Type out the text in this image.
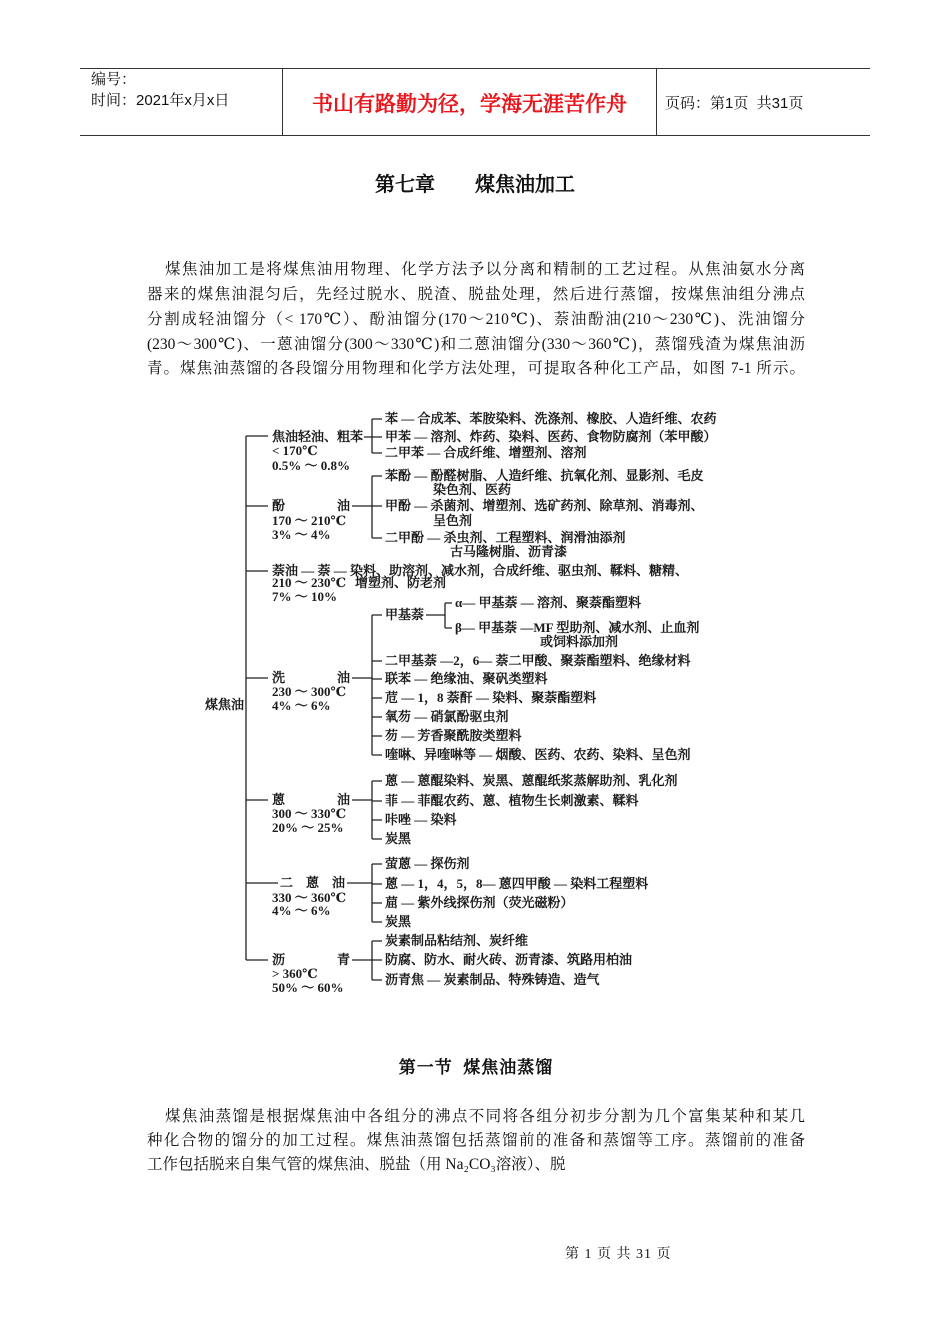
编号：
时间：2021年x月x日	书山有路勤为径，学海无涯苦作舟	页码：第1页  共31页
第七章　　煤焦油加工
煤焦油加工是将煤焦油用物理、化学方法予以分离和精制的工艺过程。从焦油氨水分离
器来的煤焦油混匀后，先经过脱水、脱渣、脱盐处理，然后进行蒸馏，按煤焦油组分沸点
分割成轻油馏分（< 170℃）、酚油馏分(170～210℃)、萘油酚油(210～230℃)、洗油馏分
(230～300℃)、一蒽油馏分(300～330℃)和二蒽油馏分(330～360℃)，蒸馏残渣为煤焦油沥
青。煤焦油蒸馏的各段馏分用物理和化学方法处理，可提取各种化工产品，如图 7-1 所示。
煤焦油
焦油轻油、粗苯
< 170℃
0.5% ～ 0.8%
苯 — 合成苯、苯胺染料、洗涤剂、橡胶、人造纤维、农药
甲苯 — 溶剂、炸药、染料、医药、食物防腐剂（苯甲酸）
二甲苯 — 合成纤维、增塑剂、溶剂
酚　　　　油
170 ～ 210℃
3% ～ 4%
苯酚 — 酚醛树脂、人造纤维、抗氧化剂、显影剂、毛皮
染色剂、医药
甲酚 — 杀菌剂、增塑剂、选矿药剂、除草剂、消毒剂、
呈色剂
二甲酚 — 杀虫剂、工程塑料、润滑油添剂
古马隆树脂、沥青漆
萘油 — 萘 — 染料、助溶剂、减水剂，合成纤维、驱虫剂、鞣料、糖精、
210 ～ 230℃ 增塑剂、防老剂
7% ～ 10%
洗　　　　油
230 ～ 300℃
4% ～ 6%
甲基萘
α— 甲基萘 — 溶剂、聚萘酯塑料
β— 甲基萘 —MF 型助剂、减水剂、止血剂
或饲料添加剂
二甲基萘 —2，6— 萘二甲酸、聚萘酯塑料、绝缘材料
联苯 — 绝缘油、聚矾类塑料
苊 — 1，8 萘酐 — 染料、聚萘酯塑料
氧芴 — 硝氯酚驱虫剂
芴 — 芳香聚酰胺类塑料
喹啉、异喹啉等 — 烟酸、医药、农药、染料、呈色剂
蒽　　　　油
300 ～ 330℃
20% ～ 25%
蒽 — 蒽醌染料、炭黑、蒽醌纸浆蒸解助剂、乳化剂
菲 — 菲醌农药、蒽、植物生长刺激素、鞣料
咔唑 — 染料
炭黑
二　蒽　油
330 ～ 360℃
4% ～ 6%
萤蒽 — 探伤剂
蒽 — 1，4，5，8— 蒽四甲酸 — 染料工程塑料
䓛 — 紫外线探伤剂（荧光磁粉）
炭黑
沥　　　　青
> 360℃
50% ～ 60%
炭素制品粘结剂、炭纤维
防腐、防水、耐火砖、沥青漆、筑路用柏油
沥青焦 — 炭素制品、特殊铸造、造气
第一节  煤焦油蒸馏
煤焦油蒸馏是根据煤焦油中各组分的沸点不同将各组分初步分割为几个富集某种和某几
种化合物的馏分的加工过程。煤焦油蒸馏包括蒸馏前的准备和蒸馏等工序。蒸馏前的准备
工作包括脱来自集气管的煤焦油、脱盐（用 Na₂CO₃溶液）、脱
第 1 页 共 31 页
